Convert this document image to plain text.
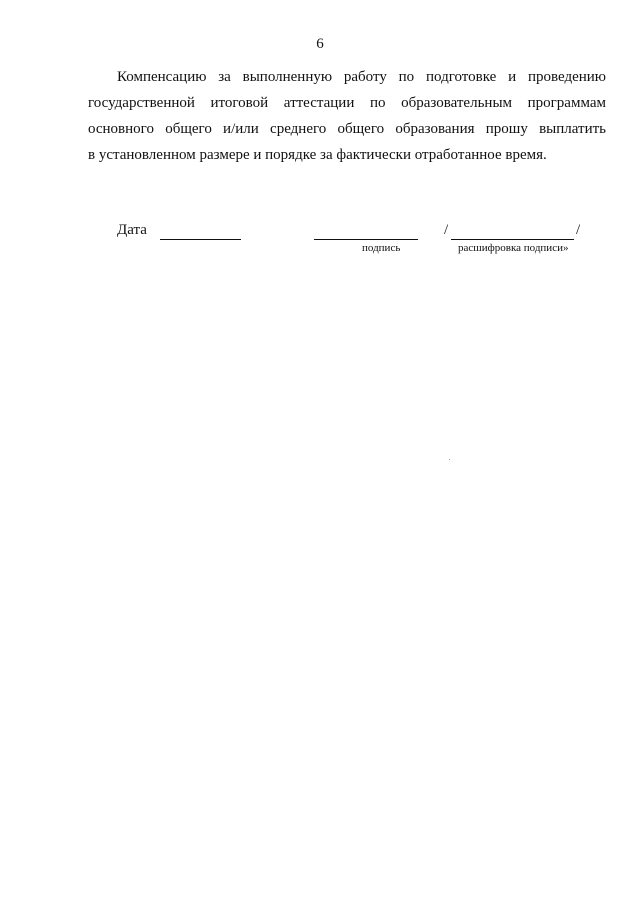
6
Компенсацию за выполненную работу по подготовке и проведению
государственной итоговой аттестации по образовательным программам
основного общего и/или среднего общего образования прошу выплатить
в установленном размере и порядке за фактически отработанное время.
Дата
подпись
/	/
расшифровка подписи»
